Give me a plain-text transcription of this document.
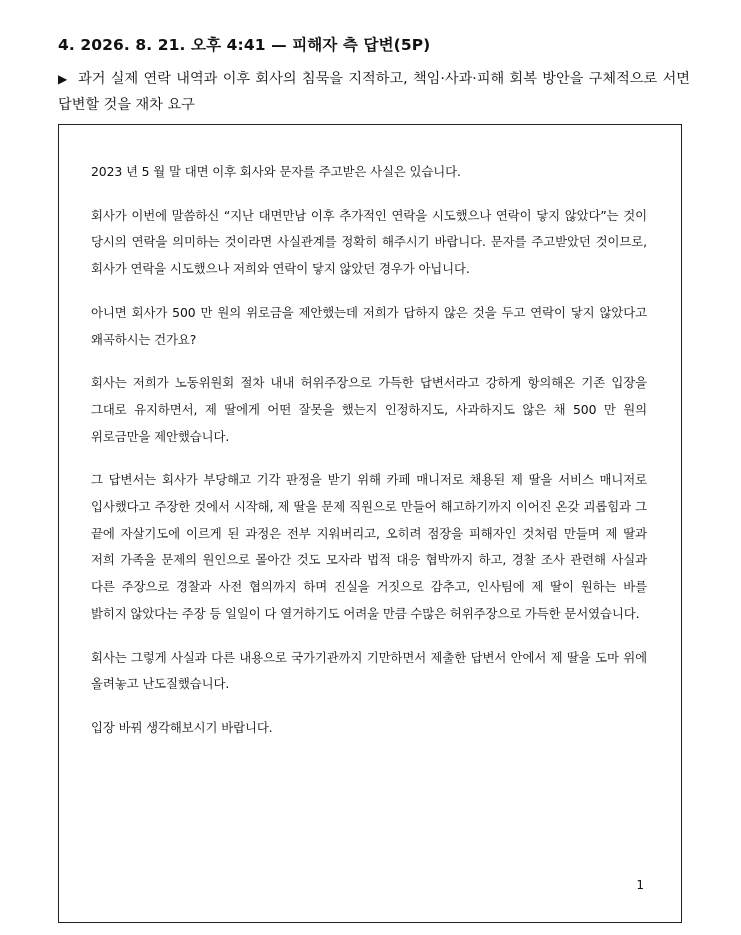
4. 2026. 8. 21. 오후 4:41 — 피해자 측 답변(5P)
▶ 과거 실제 연락 내역과 이후 회사의 침묵을 지적하고, 책임·사과·피해 회복 방안을 구체적으로 서면 답변할 것을 재차 요구

2023 년 5 월 말 대면 이후 회사와 문자를 주고받은 사실은 있습니다.

회사가 이번에 말씀하신 “지난 대면만남 이후 추가적인 연락을 시도했으나 연락이 닿지 않았다”는 것이 당시의 연락을 의미하는 것이라면 사실관계를 정확히 해주시기 바랍니다. 문자를 주고받았던 것이므로, 회사가 연락을 시도했으나 저희와 연락이 닿지 않았던 경우가 아닙니다.

아니면 회사가 500 만 원의 위로금을 제안했는데 저희가 답하지 않은 것을 두고 연락이 닿지 않았다고 왜곡하시는 건가요?

회사는 저희가 노동위원회 절차 내내 허위주장으로 가득한 답변서라고 강하게 항의해온 기존 입장을 그대로 유지하면서, 제 딸에게 어떤 잘못을 했는지 인정하지도, 사과하지도 않은 채 500 만 원의 위로금만을 제안했습니다.

그 답변서는 회사가 부당해고 기각 판정을 받기 위해 카페 매니저로 채용된 제 딸을 서비스 매니저로 입사했다고 주장한 것에서 시작해, 제 딸을 문제 직원으로 만들어 해고하기까지 이어진 온갖 괴롭힘과 그 끝에 자살기도에 이르게 된 과정은 전부 지워버리고, 오히려 점장을 피해자인 것처럼 만들며 제 딸과 저희 가족을 문제의 원인으로 몰아간 것도 모자라 법적 대응 협박까지 하고, 경찰 조사 관련해 사실과 다른 주장으로 경찰과 사전 협의까지 하며 진실을 거짓으로 감추고, 인사팀에 제 딸이 원하는 바를 밝히지 않았다는 주장 등 일일이 다 열거하기도 어려울 만큼 수많은 허위주장으로 가득한 문서였습니다.

회사는 그렇게 사실과 다른 내용으로 국가기관까지 기만하면서 제출한 답변서 안에서 제 딸을 도마 위에 올려놓고 난도질했습니다.

입장 바꿔 생각해보시기 바랍니다.

1
